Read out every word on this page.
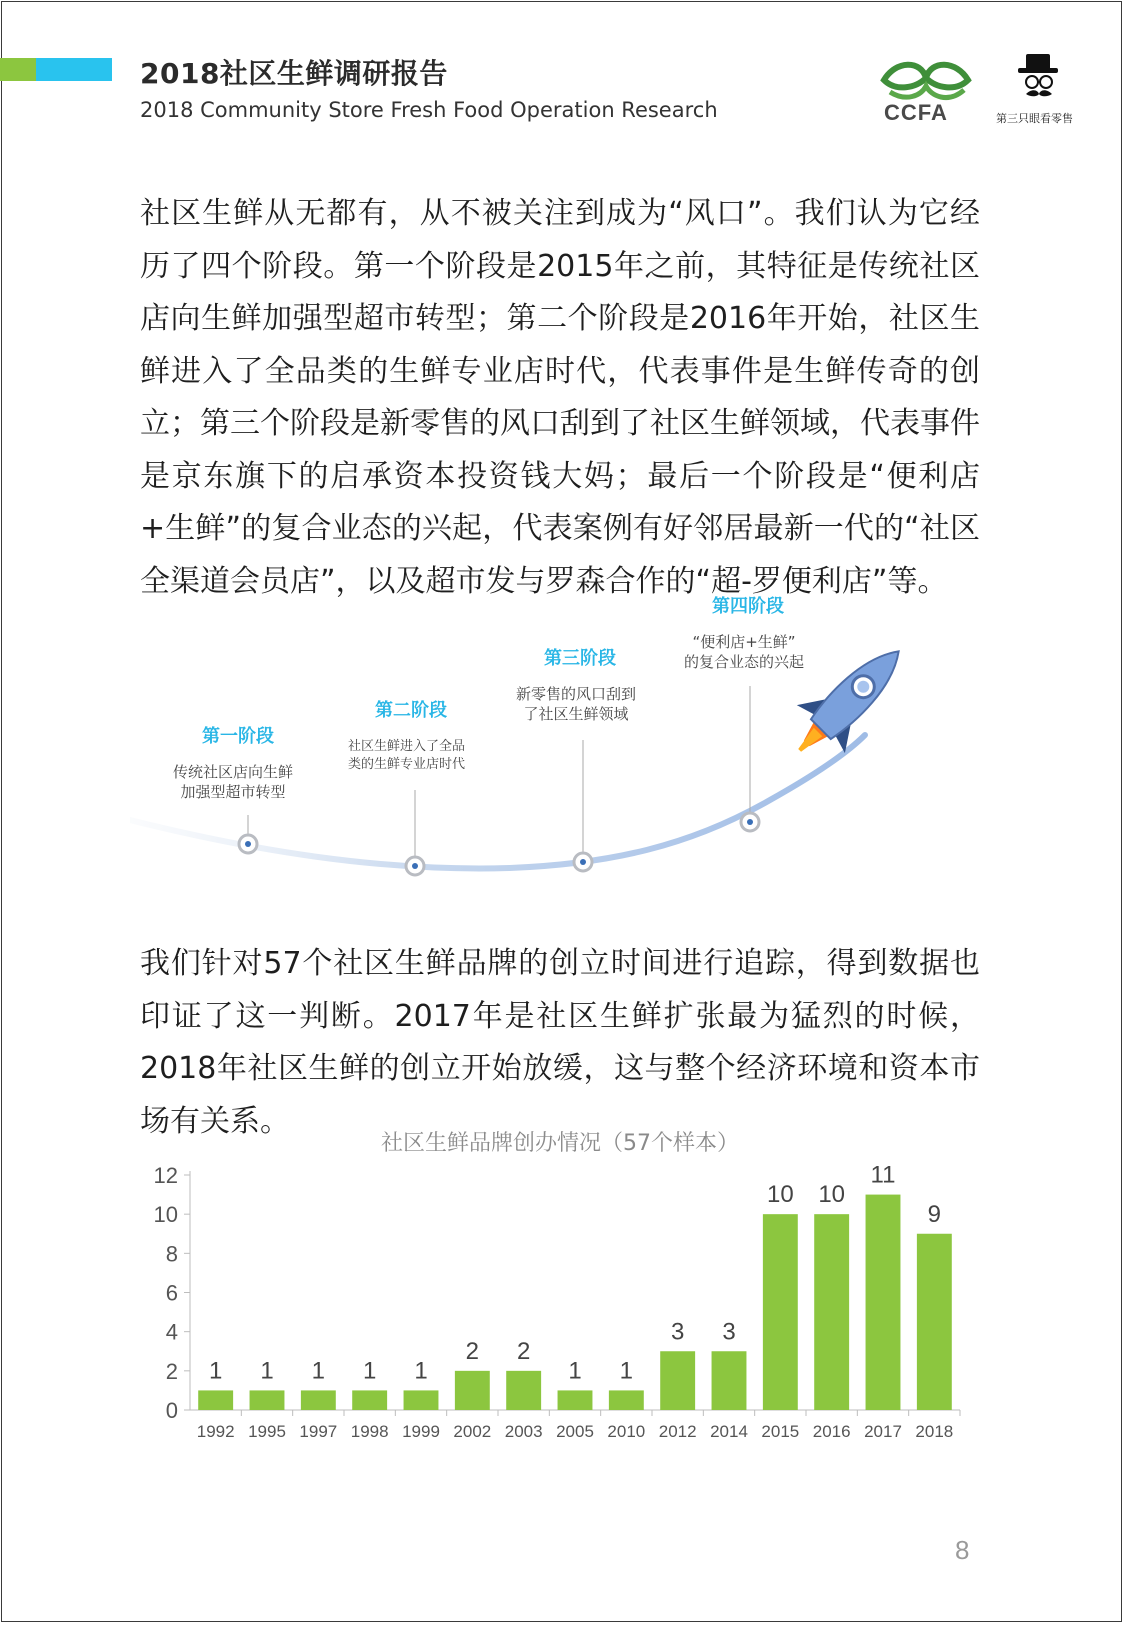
2018社区生鲜调研报告
2018 Community Store Fresh Food Operation Research	CCFA	第三只眼看零售

社区生鲜从无都有，从不被关注到成为“风口”。我们认为它经历了四个阶段。第一个阶段是2015年之前，其特征是传统社区店向生鲜加强型超市转型；第二个阶段是2016年开始，社区生鲜进入了全品类的生鲜专业店时代，代表事件是生鲜传奇的创立；第三个阶段是新零售的风口刮到了社区生鲜领域，代表事件是京东旗下的启承资本投资钱大妈；最后一个阶段是“便利店+生鲜”的复合业态的兴起，代表案例有好邻居最新一代的“社区全渠道会员店”，以及超市发与罗森合作的“超-罗便利店”等。

第一阶段
传统社区店向生鲜
加强型超市转型
第二阶段
社区生鲜进入了全品
类的生鲜专业店时代
第三阶段
新零售的风口刮到
了社区生鲜领域
第四阶段
“便利店+生鲜”
的复合业态的兴起

我们针对57个社区生鲜品牌的创立时间进行追踪，得到数据也印证了这一判断。2017年是社区生鲜扩张最为猛烈的时候，2018年社区生鲜的创立开始放缓，这与整个经济环境和资本市场有关系。

社区生鲜品牌创办情况（57个样本）
0
2
4
6
8
10
12
1
1992
1
1995
1
1997
1
1998
1
1999
2
2002
2
2003
1
2005
1
2010
3
2012
3
2014
10
2015
10
2016
11
2017
9
2018
8
